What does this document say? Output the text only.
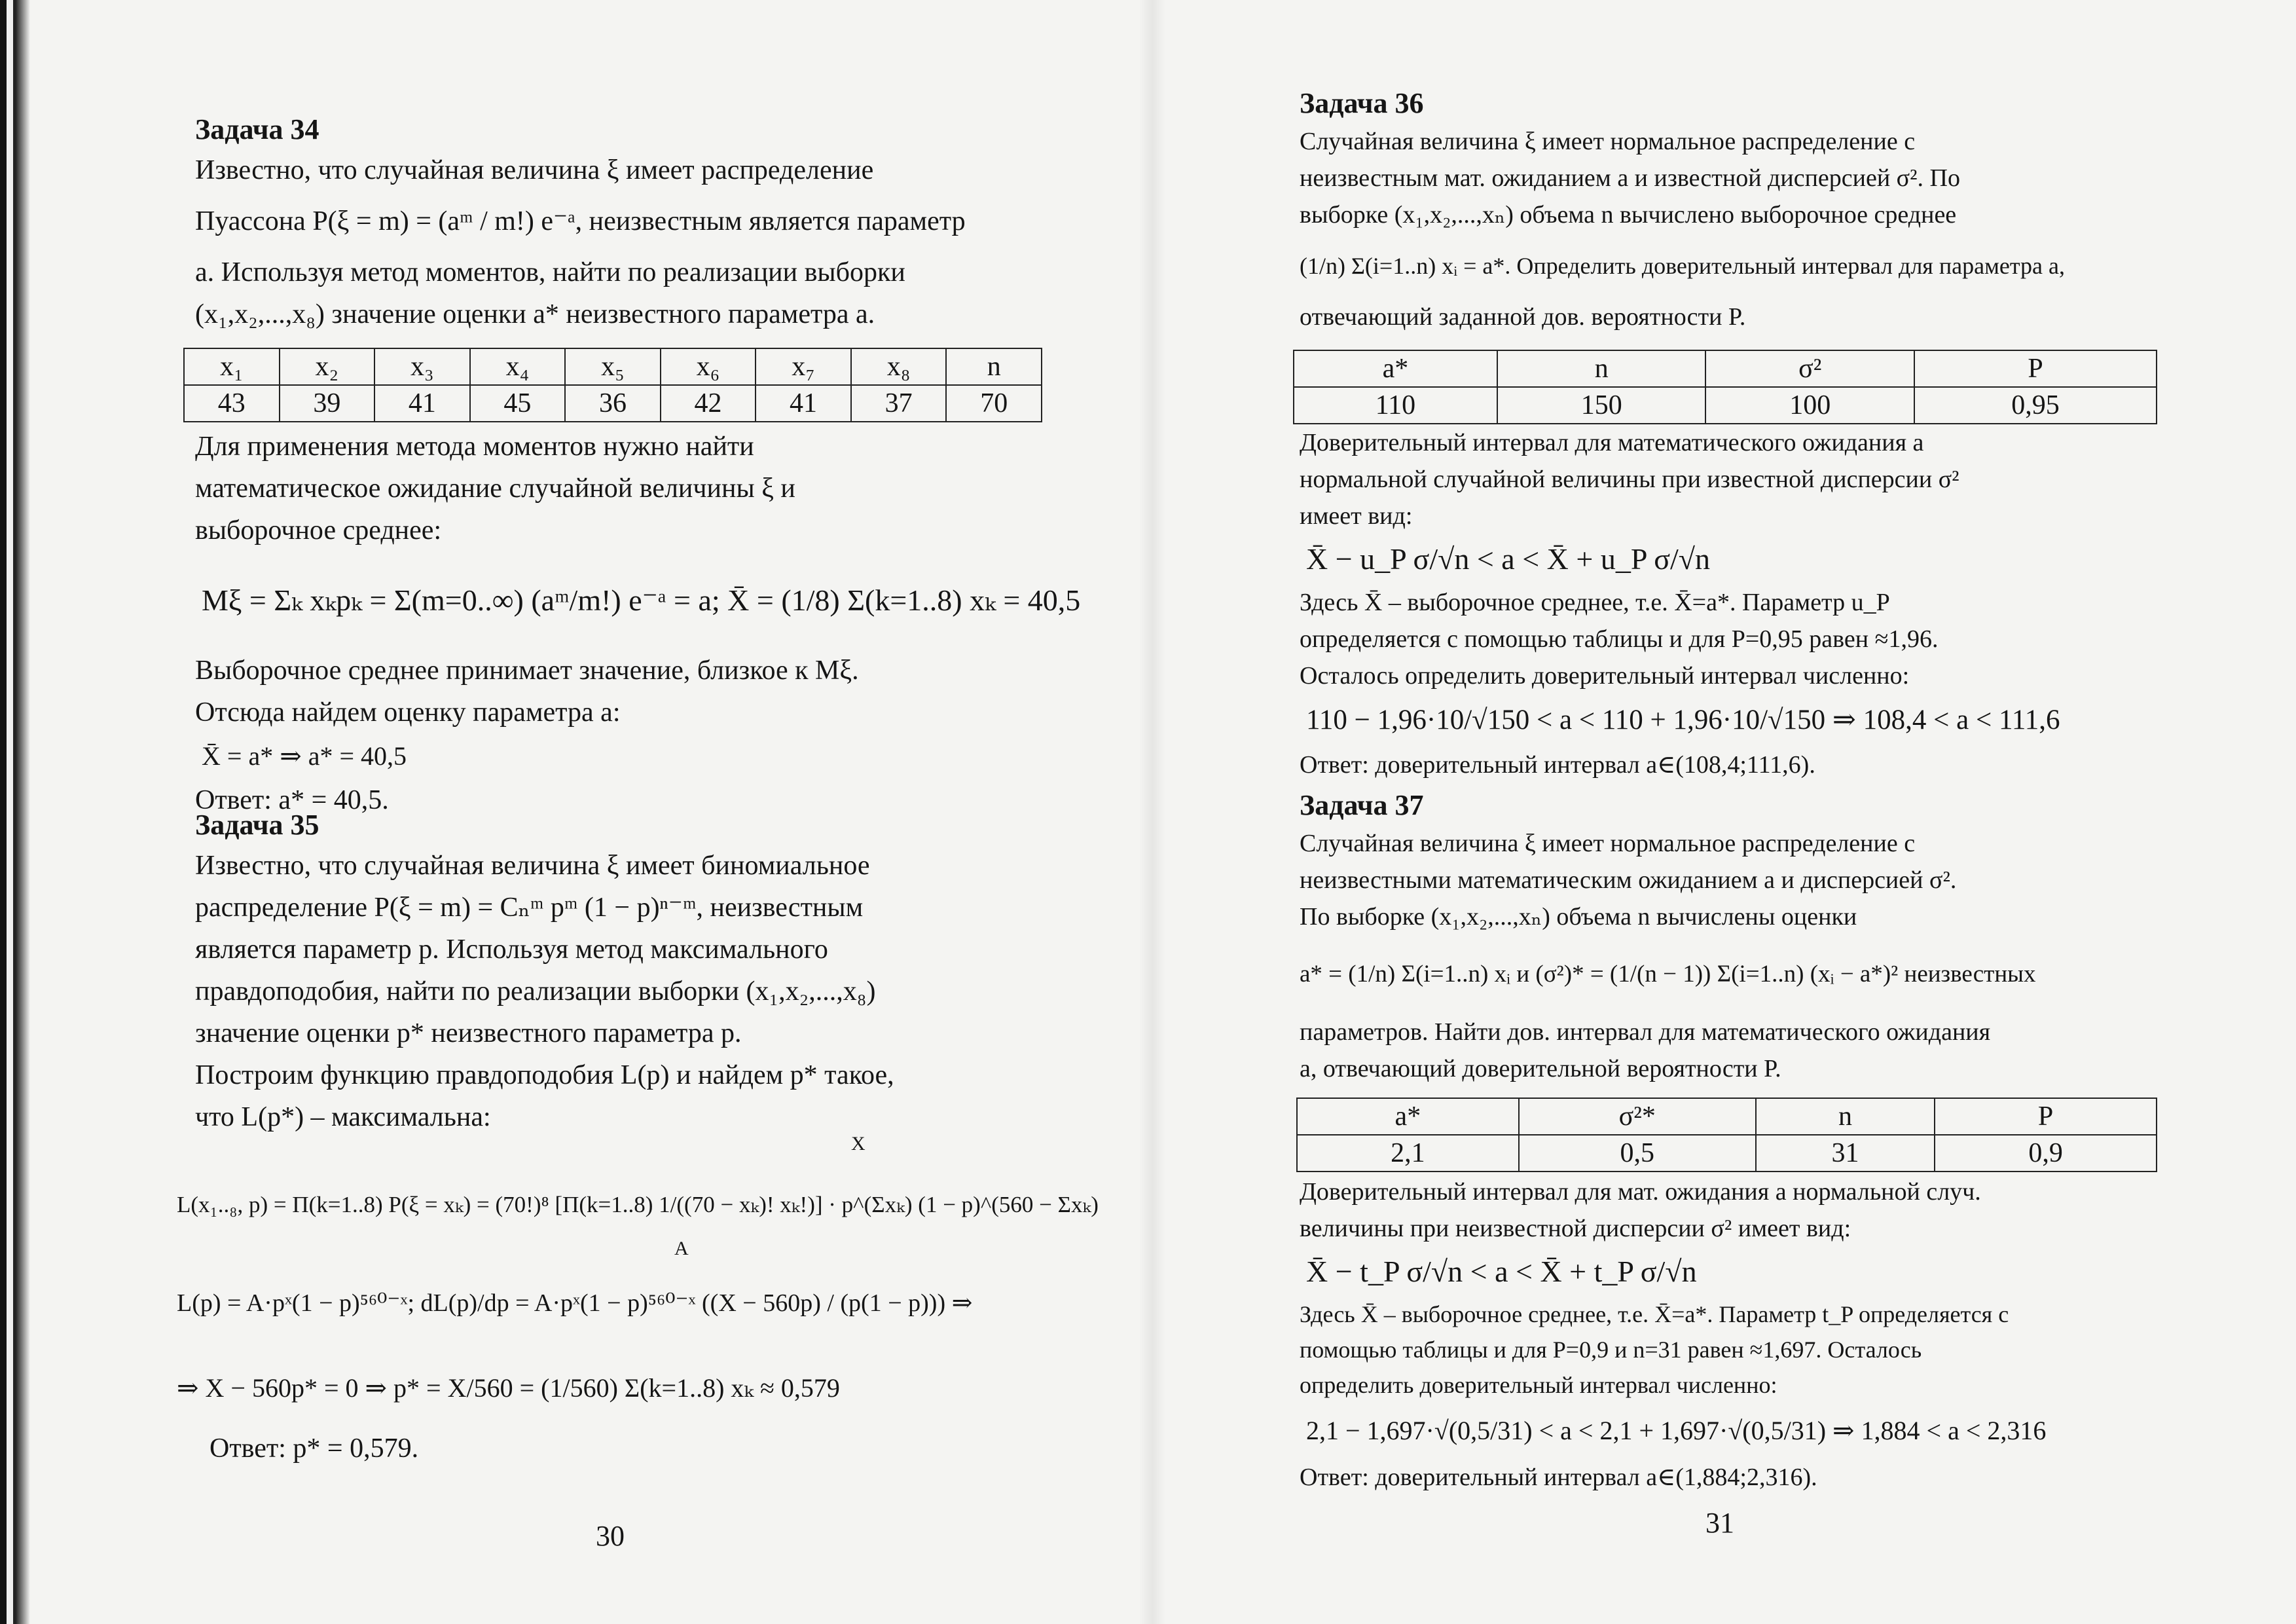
Задача 34

Известно, что случайная величина ξ имеет распределение

Пуассона P(ξ = m) = (aᵐ / m!) e⁻ᵃ, неизвестным является параметр

a. Используя метод моментов, найти по реализации выборки

(x₁,x₂,...,x₈) значение оценки a* неизвестного параметра a.

x₁	x₂	x₃	x₄	x₅	x₆	x₇	x₈	n
43	39	41	45	36	42	41	37	70

Для применения метода моментов нужно найти

математическое ожидание случайной величины ξ и

выборочное среднее:

Mξ = Σₖ xₖpₖ = Σ(m=0..∞) (aᵐ/m!) e⁻ᵃ = a; X̄ = (1/8) Σ(k=1..8) xₖ = 40,5

Выборочное среднее принимает значение, близкое к Mξ.

Отсюда найдем оценку параметра a:

X̄ = a* ⇒ a* = 40,5

Ответ: a* = 40,5.

Задача 35

Известно, что случайная величина ξ имеет биномиальное

распределение P(ξ = m) = Cₙᵐ pᵐ (1 − p)ⁿ⁻ᵐ, неизвестным

является параметр p. Используя метод максимального

правдоподобия, найти по реализации выборки (x₁,x₂,...,x₈)

значение оценки p* неизвестного параметра p.

Построим функцию правдоподобия L(p) и найдем p* такое,

что L(p*) – максимальна:

L(x₁..₈, p) = Π(k=1..8) P(ξ = xₖ) = (70!)⁸ [Π(k=1..8) 1/((70 − xₖ)! xₖ!)] · p^(Σxₖ) (1 − p)^(560 − Σxₖ)

A
X

L(p) = A·pˣ(1 − p)⁵⁶⁰⁻ˣ; dL(p)/dp = A·pˣ(1 − p)⁵⁶⁰⁻ˣ ((X − 560p) / (p(1 − p))) ⇒

⇒ X − 560p* = 0 ⇒ p* = X/560 = (1/560) Σ(k=1..8) xₖ ≈ 0,579

Ответ: p* = 0,579.

30

Задача 36

Случайная величина ξ имеет нормальное распределение с

неизвестным мат. ожиданием a и известной дисперсией σ². По

выборке (x₁,x₂,...,xₙ) объема n вычислено выборочное среднее

(1/n) Σ(i=1..n) xᵢ = a*. Определить доверительный интервал для параметра a,

отвечающий заданной дов. вероятности P.

a*	n	σ²	P
110	150	100	0,95

Доверительный интервал для математического ожидания a

нормальной случайной величины при известной дисперсии σ²

имеет вид:

X̄ − u_P σ/√n < a < X̄ + u_P σ/√n

Здесь X̄ – выборочное среднее, т.е. X̄=a*. Параметр u_P

определяется с помощью таблицы и для P=0,95 равен ≈1,96.

Осталось определить доверительный интервал численно:

110 − 1,96·10/√150 < a < 110 + 1,96·10/√150 ⇒ 108,4 < a < 111,6

Ответ: доверительный интервал a∈(108,4;111,6).

Задача 37

Случайная величина ξ имеет нормальное распределение с

неизвестными математическим ожиданием a и дисперсией σ².

По выборке (x₁,x₂,...,xₙ) объема n вычислены оценки

a* = (1/n) Σ(i=1..n) xᵢ и (σ²)* = (1/(n − 1)) Σ(i=1..n) (xᵢ − a*)² неизвестных

параметров. Найти дов. интервал для математического ожидания

a, отвечающий доверительной вероятности P.

a*	σ²*	n	P
2,1	0,5	31	0,9

Доверительный интервал для мат. ожидания a нормальной случ.

величины при неизвестной дисперсии σ² имеет вид:

X̄ − t_P σ/√n < a < X̄ + t_P σ/√n

Здесь X̄ – выборочное среднее, т.е. X̄=a*. Параметр t_P определяется с

помощью таблицы и для P=0,9 и n=31 равен ≈1,697. Осталось

определить доверительный интервал численно:

2,1 − 1,697·√(0,5/31) < a < 2,1 + 1,697·√(0,5/31) ⇒ 1,884 < a < 2,316

Ответ: доверительный интервал a∈(1,884;2,316).

31
